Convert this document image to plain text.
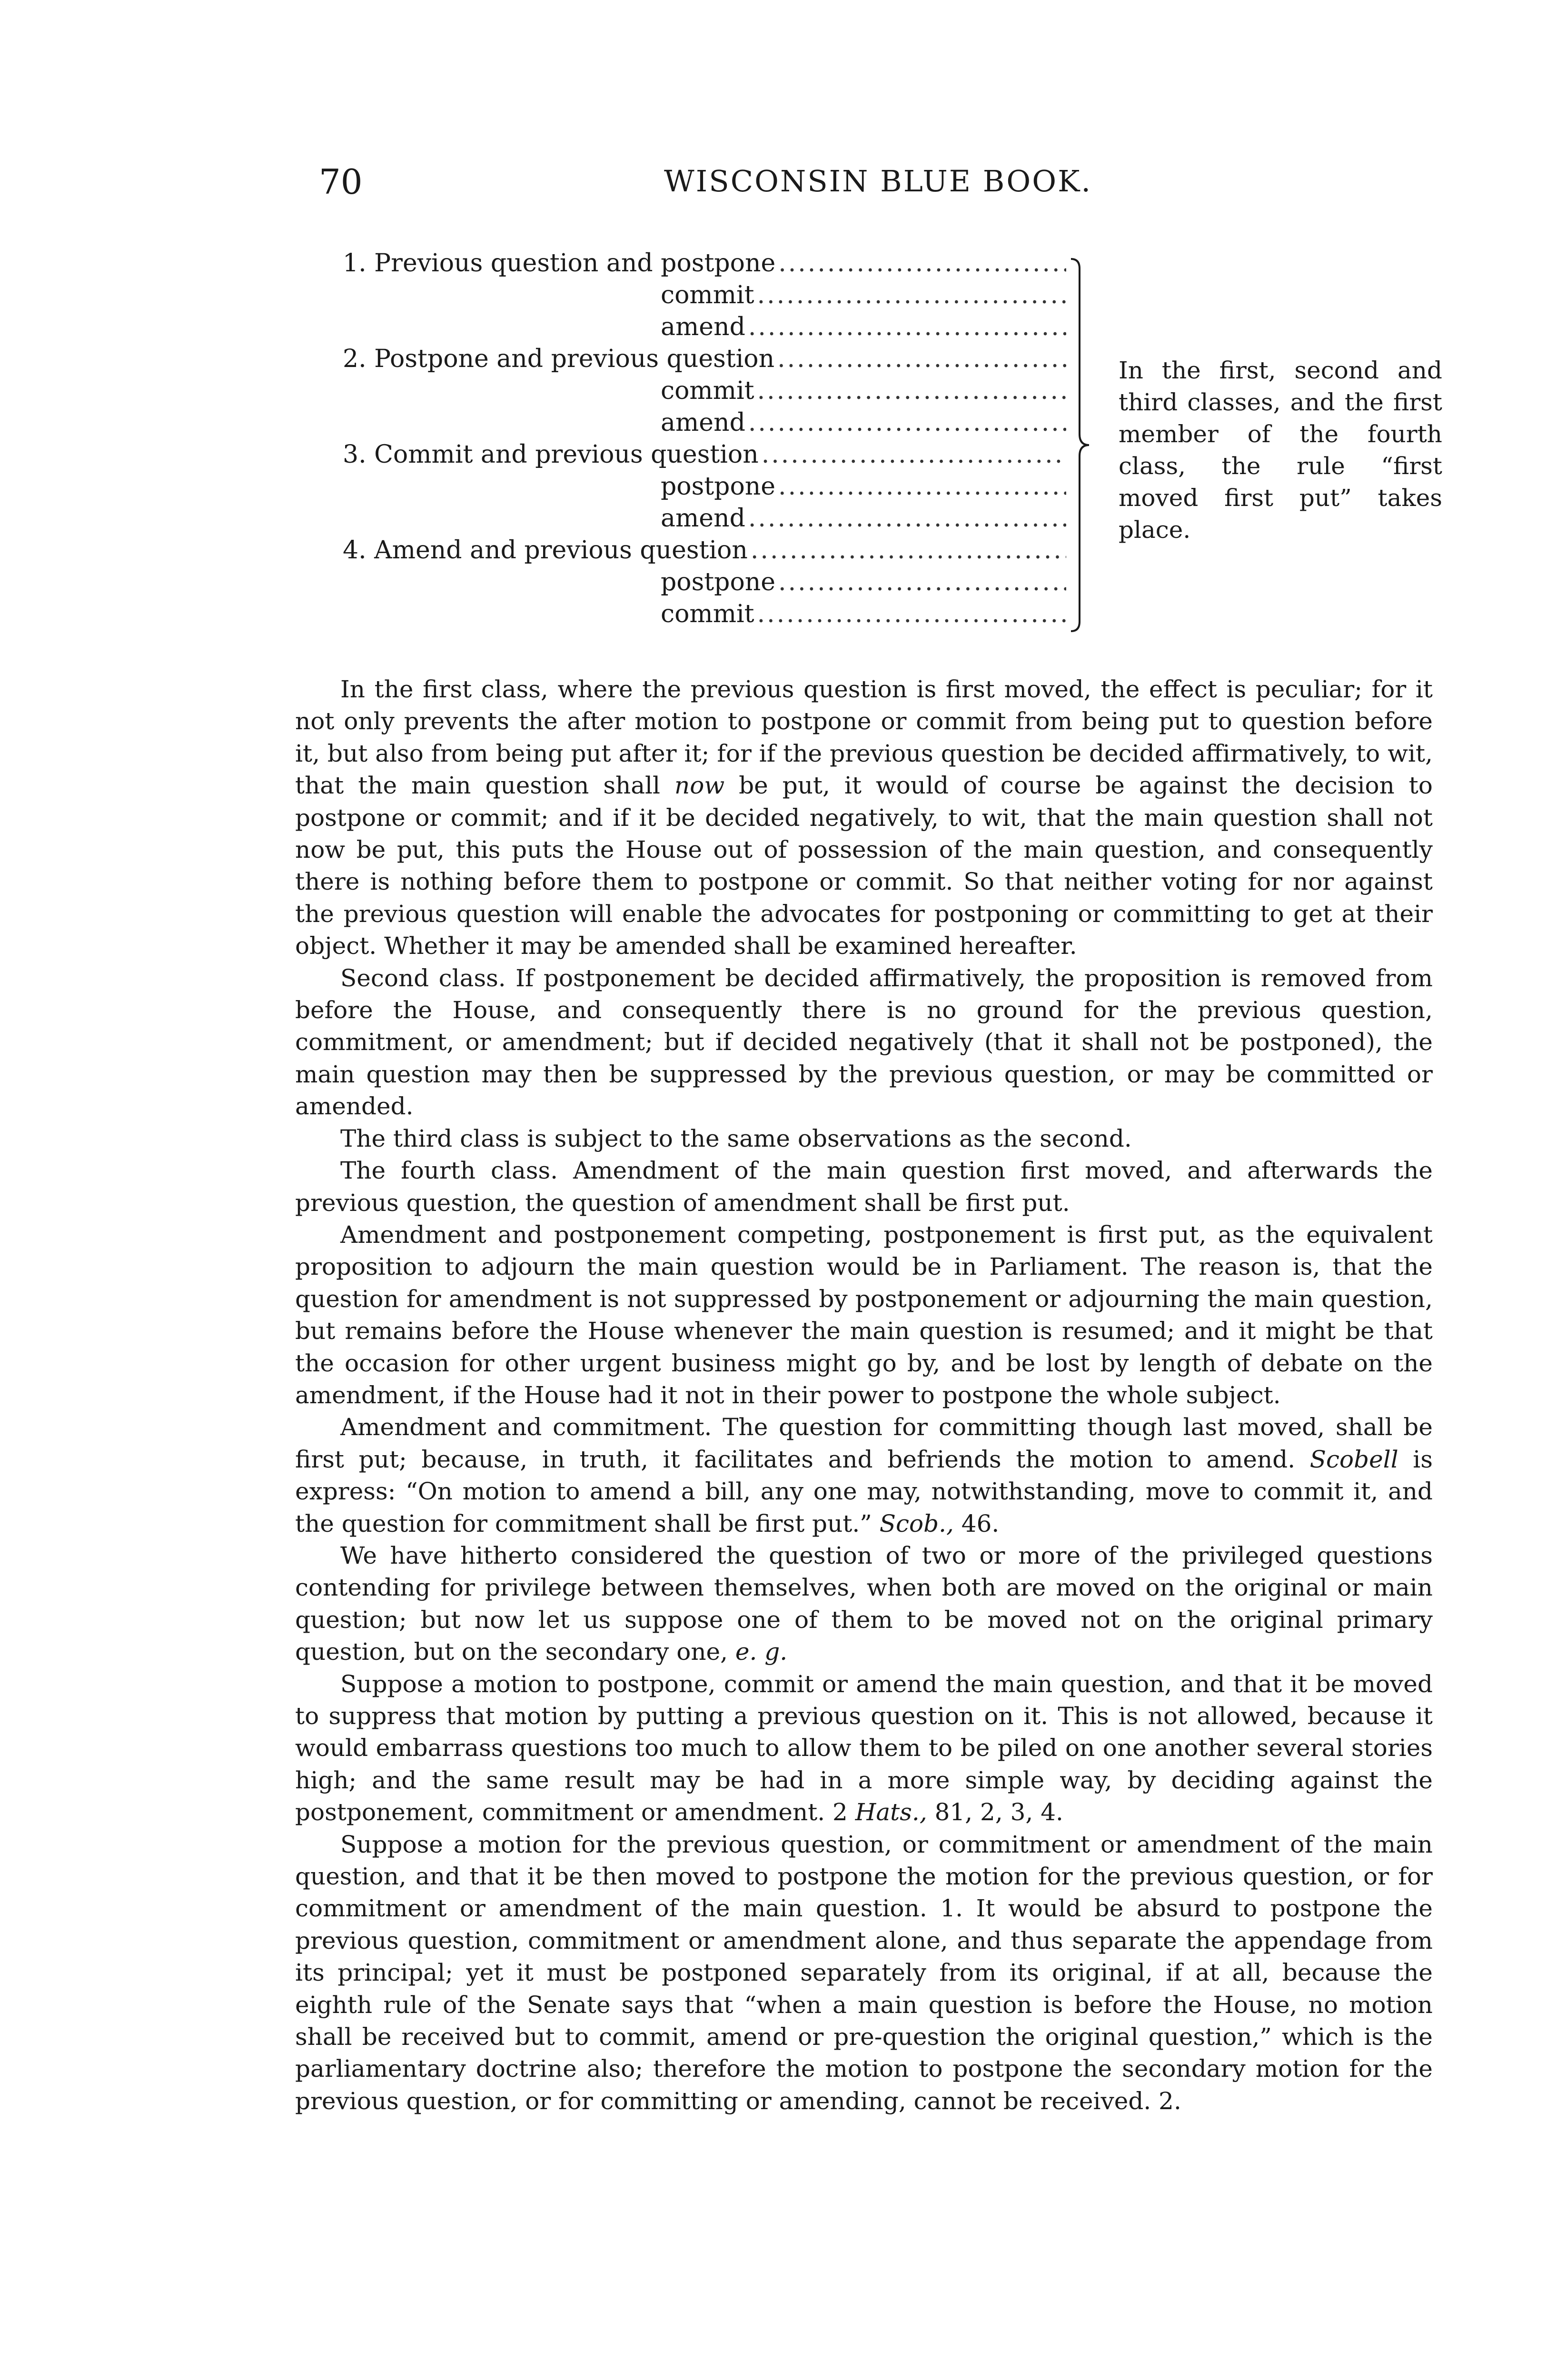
70	WISCONSIN BLUE BOOK.
1. Previous question and postpone
.....
commit
.....
amend
.....
2. Postpone and previous question
.....
commit
.....
amend
.....
3. Commit and previous question
.....
postpone
.....
amend
.....
4. Amend and previous question
.....
postpone
.....
commit
.....
In the first, second and third classes, and the first member of the fourth class, the rule “first moved first put” takes place.

In the first class, where the previous question is first moved, the effect is peculiar; for it not only prevents the after motion to postpone or commit from being put to question before it, but also from being put after it; for if the previous question be decided affirmatively, to wit, that the main question shall now be put, it would of course be against the decision to postpone or commit; and if it be decided negatively, to wit, that the main question shall not now be put, this puts the House out of possession of the main question, and consequently there is nothing before them to postpone or commit. So that neither voting for nor against the previous question will enable the advocates for postponing or committing to get at their object. Whether it may be amended shall be examined hereafter.

Second class. If postponement be decided affirmatively, the proposition is removed from before the House, and consequently there is no ground for the previous question, commitment, or amendment; but if decided negatively (that it shall not be postponed), the main question may then be suppressed by the previous question, or may be committed or amended.

The third class is subject to the same observations as the second.

The fourth class. Amendment of the main question first moved, and afterwards the previous question, the question of amendment shall be first put.

Amendment and postponement competing, postponement is first put, as the equivalent proposition to adjourn the main question would be in Parliament. The reason is, that the question for amendment is not suppressed by postponement or adjourning the main question, but remains before the House whenever the main question is resumed; and it might be that the occasion for other urgent business might go by, and be lost by length of debate on the amendment, if the House had it not in their power to postpone the whole subject.

Amendment and commitment. The question for committing though last moved, shall be first put; because, in truth, it facilitates and befriends the motion to amend. Scobell is express: “On motion to amend a bill, any one may, notwithstanding, move to commit it, and the question for commitment shall be first put.” Scob., 46.

We have hitherto considered the question of two or more of the privileged questions contending for privilege between themselves, when both are moved on the original or main question; but now let us suppose one of them to be moved not on the original primary question, but on the secondary one, e. g.

Suppose a motion to postpone, commit or amend the main question, and that it be moved to suppress that motion by putting a previous question on it. This is not allowed, because it would embarrass questions too much to allow them to be piled on one another several stories high; and the same result may be had in a more simple way, by deciding against the postponement, commitment or amendment. 2 Hats., 81, 2, 3, 4.

Suppose a motion for the previous question, or commitment or amendment of the main question, and that it be then moved to postpone the motion for the previous question, or for commitment or amendment of the main question. 1. It would be absurd to postpone the previous question, commitment or amendment alone, and thus separate the appendage from its principal; yet it must be postponed separately from its original, if at all, because the eighth rule of the Senate says that “when a main question is before the House, no motion shall be received but to commit, amend or pre-question the original question,” which is the parliamentary doctrine also; therefore the motion to postpone the secondary motion for the previous question, or for committing or amending, cannot be received. 2.
